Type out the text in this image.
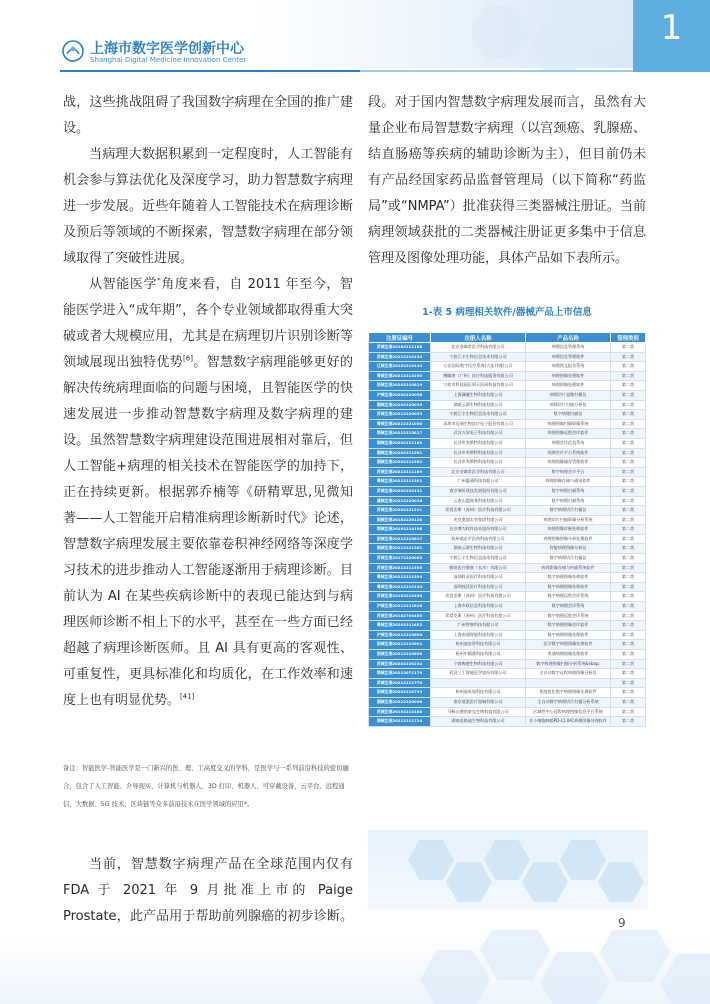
上海市数字医学创新中心
Shanghai Digital Medicine Innovation Center
1

战，这些挑战阻碍了我国数字病理在全国的推广建设。

当病理大数据积累到一定程度时，人工智能有机会参与算法优化及深度学习，助力智慧数字病理进一步发展。近些年随着人工智能技术在病理诊断及预后等领域的不断探索，智慧数字病理在部分领域取得了突破性进展。

从智能医学*角度来看，自 2011 年至今，智能医学进入“成年期”，各个专业领域都取得重大突破或者大规模应用，尤其是在病理切片识别诊断等领域展现出独特优势[6]。智慧数字病理能够更好的解决传统病理面临的问题与困境，且智能医学的快速发展进一步推动智慧数字病理及数字病理的建设。虽然智慧数字病理建设范围进展相对靠后，但人工智能+病理的相关技术在智能医学的加持下，正在持续更新。根据郭乔楠等《研精覃思,见微知著——人工智能开启精准病理诊断新时代》论述，智慧数字病理发展主要依靠卷积神经网络等深度学习技术的进步推动人工智能逐渐用于病理诊断。目前认为 AI 在某些疾病诊断中的表现已能达到与病理医师诊断不相上下的水平，甚至在一些方面已经超越了病理诊断医师。且 AI 具有更高的客观性、可重复性，更具标准化和均质化，在工作效率和速度上也有明显优势。[41]

备注：智能医学-智能医学是一门新兴的医、理、工高度交叉的学科，是医学与一系列前沿科技的密切融合，包含了人工智能、介导现实、计算机与机器人、3D 打印、机器人、可穿戴设备、云平台、远程通信、大数据、5G 技术、区块链等众多前沿技术在医学领域的应用*。

当前，智慧数字病理产品在全球范围内仅有 FDA 于 2021 年 9 月批准上市的 Paige Prostate，此产品用于帮助前列腺癌的初步诊断。

段。对于国内智慧数字病理发展而言，虽然有大量企业布局智慧数字病理（以宫颈癌、乳腺癌、结直肠癌等疾病的辅助诊断为主），但目前仍未有产品经国家药品监督管理局（以下简称“药监局”或“NMPA”）批准获得三类器械注册证。当前病理领域获批的二类器械注册证更多集中于信息管理及图像处理功能，具体产品如下表所示。

1-表 5 病理相关软件/器械产品上市信息
注册证编号	注册人名称	产品名称	管理类别
苏械注准20162211188	北京金域希医学科技有限公司	病理信息管理系统	第二类
苏械注准20212210134	宁波江丰生物信息技术有限公司	病理信息管理软件	第二类
辽械注准20152210144	心医国际数字医疗系统(大连)有限公司	病理图文报告系统	第二类
粤械注准20212210250	鹰瞳康（广州）医疗科技服务有限公司	病理图像处理软件	第二类
浙械注准20202210819	宁波市科技园区明天医网科技有限公司	病理图像处理软件	第二类
沪械注准20202220058	上海澜澈生物科技有限公司	病理切片显微扫描仪	第二类
湘械注准20202220039	湖南云源生物科技有限公司	病理切片扫描分析仪	第二类
苏械注准20212220055	宁波江丰生物信息技术有限公司	数字病理扫描仪	第二类
粤械注准20222221050	深圳市迈瑞生物医疗电子股份有限公司	病理图像扫描影像系统	第二类
鄂械注准20222213817	武汉万屏电子科技有限公司	病理图像远程会诊软件	第二类
湘械注准20202221189	长沙市麦斯特科技有限公司	病理会诊信息系统	第二类
湘械注准20202211581	长沙市麦斯特科技有限公司	病理会诊平台系统软件	第二类
湘械注准20202211582	长沙市麦斯特科技有限公司	病理图像储存管理软件	第二类
苏械注准20212211189	北京金域希医学科技有限公司	数字病理会诊平台	第二类
粤械注准20212211301	广州惠通科技有限公司	病理图像存储与通讯软件	第二类
苏械注准20202220131	南京瑞忻欣技发展股份有限公司	数字病理扫描系统	第二类
滇械注准20212220016	云南山盟商务科技有限公司	数字病理扫描系统	第二类
苏械注准20202221221	希爱克斯（苏州）医疗科技有限公司	数字病理切片扫描仪	第二类
闽械注准20182220128	麦克奥迪实业集团有限公司	病理切片扫描影像分析系统	第二类
鄂械注准20192210198	长沙博为软件技术股份有限公司	病理图像诊断处理软件	第二类
浙械注准20212210817	杭州翁必平医药科技有限公司	病理图像图像分析处理软件	第二类
湘械注准20212221361	湖南云源生物科技有限公司	智能病理图像分析仪	第二类
苏械注准20172220065	宁波江丰生物信息技术有限公司	数字病理切片扫描仪	第二类
苏械注准20212211555	腾讯医疗健康（长沙）有限公司	病理影像存储与传输系统软件	第二类
粤械注准20212211594	深圳科亚医疗科技有限公司	数字病理图像处理软件	第二类
粤械注准20212210134	深圳视沃医疗科技有限公司	数字病理图像处理软件	第二类
苏械注准20182210450	希爱克斯（苏州）医疗科技有限公司	数字病理远程会诊系统	第二类
沪械注准20212211828	上海市政信息科技有限公司	数字病理会诊系统	第二类
苏械注准20182700455	希爱克斯（苏州）医疗科技有限公司	数字病理远程会诊系统	第二类
粤械注准20202211682	广州智康科技有限公司	数字病理图像会诊软件	第二类
沪械注准20212210604	上海南通智能科技有限公司	数字病理图像处理软件	第二类
浙械注准20212210691	杭州迪安智科技有限公司	医学数字病理图像处理软件	第二类
浙械注准20212210658	杭州中圆鼎科技有限公司	普通病理图像处理软件	第二类
苏械注准20202220234	宁波梅德生物科技有限公司	数字病理图像扫描分析系统&nbsp;	第二类
鄂械注准20212071179	武汉三丁智能医学股份有限公司	全自动数字远程病理图像分析仪	第二类
苏械注准20212211770			第二类
浙械注准20202210793	杭州迪英加科技有限公司	免疫组化数字病理图像处理软件	第二类
湘械注准20222220098	南京道派医疗器械有限公司	全自动数字病理切片扫描分析系统	第二类
苏械注准20192210188	马鞍山德图泰克生物科技有限公司	区域性中心远程病理图像信息平台系统	第二类
湘械注准20212211724	湖南思路迪生物科技有限公司	非小细胞肺癌PD-L1 IHC病理图像处理软件	第二类
9
